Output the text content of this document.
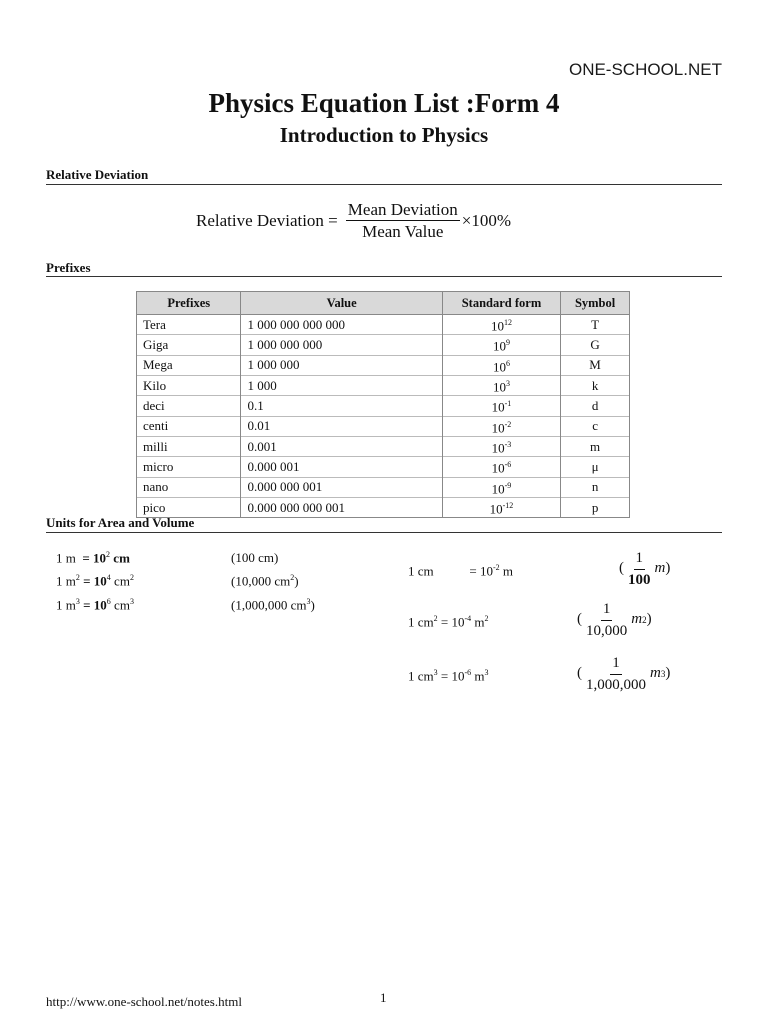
ONE-SCHOOL.NET
Physics Equation List :Form 4
Introduction to Physics
Relative Deviation
Relative Deviation = $\frac{\text{Mean Deviation}}{\text{Mean Value}} \times 100\%$
Prefixes
Prefixes	Value	Standard form	Symbol
Tera	1 000 000 000 000	$10^{12}$	T
Giga	1 000 000 000	$10^9$	G
Mega	1 000 000	$10^6$	M
Kilo	1 000	$10^3$	k
deci	0.1	$10^{-1}$	d
centi	0.01	$10^{-2}$	c
milli	0.001	$10^{-3}$	m
micro	0.000 001	$10^{-6}$	μ
nano	0.000 000 001	$10^{-9}$	n
pico	0.000 000 000 001	$10^{-12}$	p
Units for Area and Volume
1 $m = 10^2$ cm	(100 cm)
1 $m^2 = 10^4$ $cm^2$	(10,000 $cm^2$)
1 $m^3 = 10^6$ $cm^3$	(1,000,000 $cm^3$)
1 cm	= $10^{-2}$ m	( $\frac{1}{100}$ m )
1 $cm^2 = 10^{-4}$ $m^2$	( $\frac{1}{10,000}$ m 2 )
1 $cm^3 = 10^{-6}$ $m^3$	( $\frac{1}{1,000,000}$ m 3 )
http://www.one-school.net/notes.html	1
